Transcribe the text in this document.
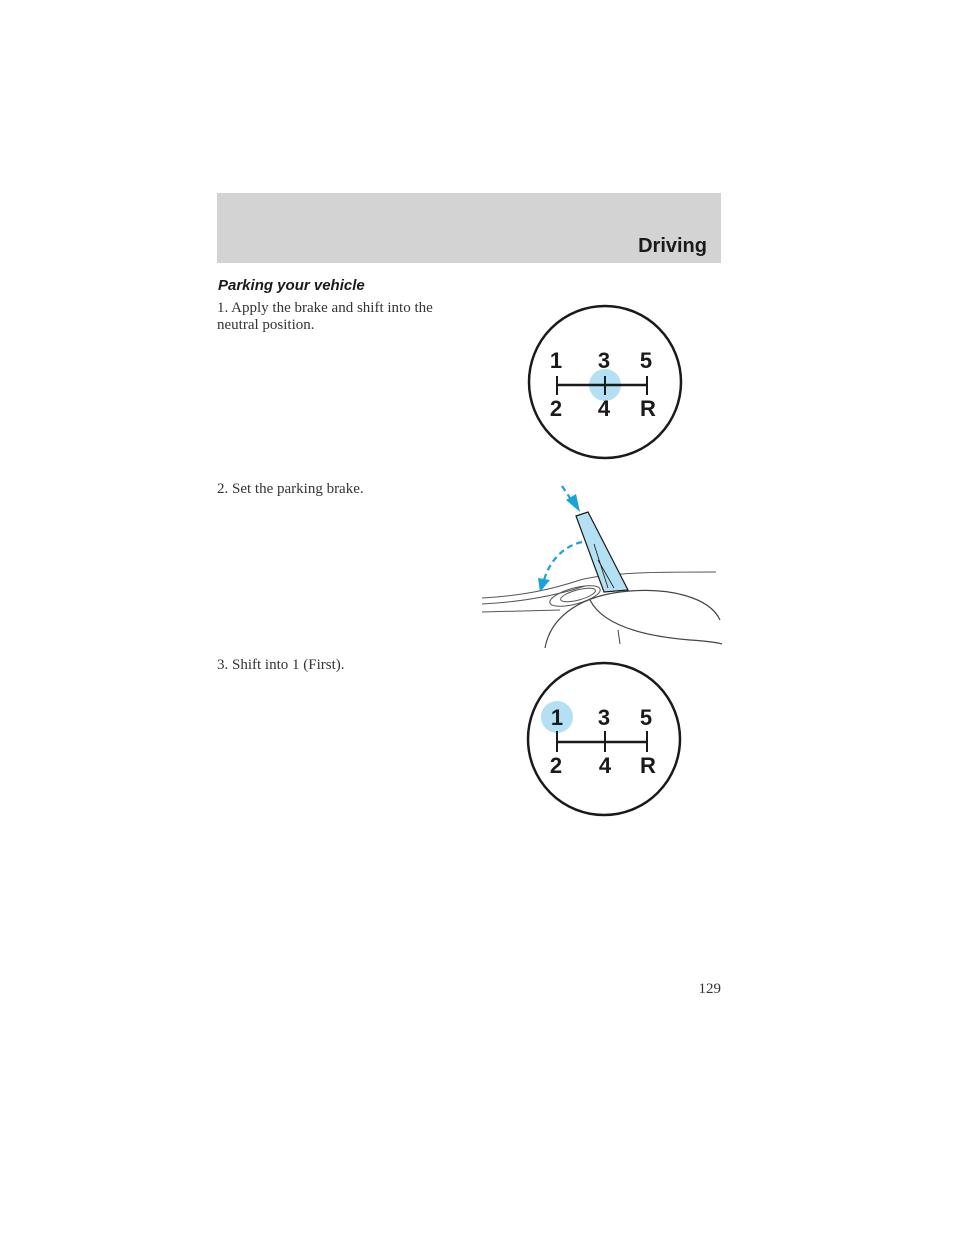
Driving
Parking your vehicle
1. Apply the brake and shift into the neutral position.
2. Set the parking brake.
3. Shift into 1 (First).
1 3 5
2 4 R
1 3 5
2 4 R
129
